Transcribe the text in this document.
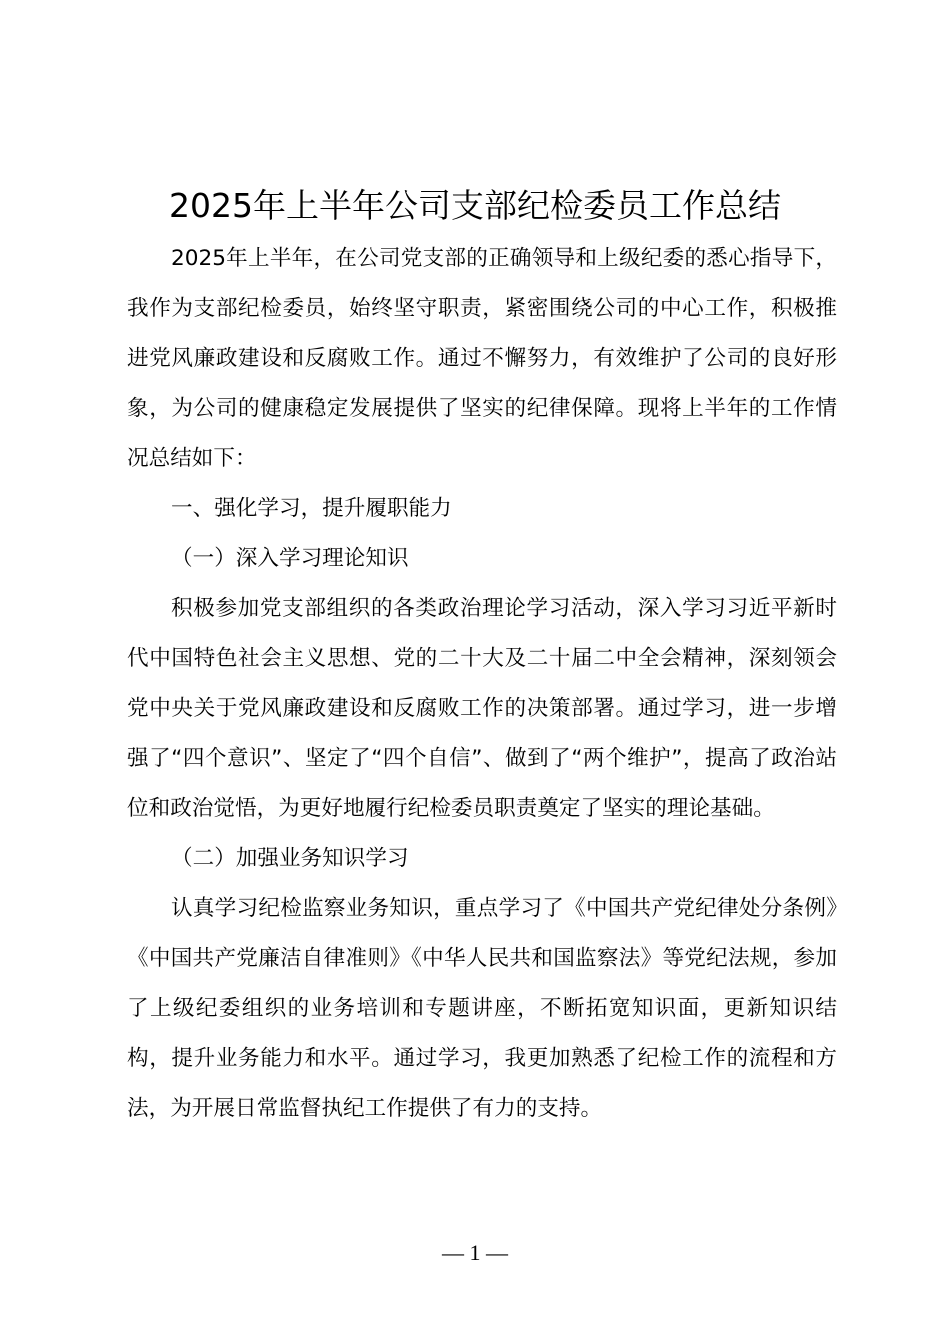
2025年上半年公司支部纪检委员工作总结

2025年上半年，在公司党支部的正确领导和上级纪委的悉心指导下，我作为支部纪检委员，始终坚守职责，紧密围绕公司的中心工作，积极推进党风廉政建设和反腐败工作。通过不懈努力，有效维护了公司的良好形象，为公司的健康稳定发展提供了坚实的纪律保障。现将上半年的工作情况总结如下：

一、强化学习，提升履职能力

（一）深入学习理论知识

积极参加党支部组织的各类政治理论学习活动，深入学习习近平新时代中国特色社会主义思想、党的二十大及二十届二中全会精神，深刻领会党中央关于党风廉政建设和反腐败工作的决策部署。通过学习，进一步增强了“四个意识”、坚定了“四个自信”、做到了“两个维护”，提高了政治站位和政治觉悟，为更好地履行纪检委员职责奠定了坚实的理论基础。

（二）加强业务知识学习

认真学习纪检监察业务知识，重点学习了《中国共产党纪律处分条例》《中国共产党廉洁自律准则》《中华人民共和国监察法》等党纪法规，参加了上级纪委组织的业务培训和专题讲座，不断拓宽知识面，更新知识结构，提升业务能力和水平。通过学习，我更加熟悉了纪检工作的流程和方法，为开展日常监督执纪工作提供了有力的支持。

— 1 —
